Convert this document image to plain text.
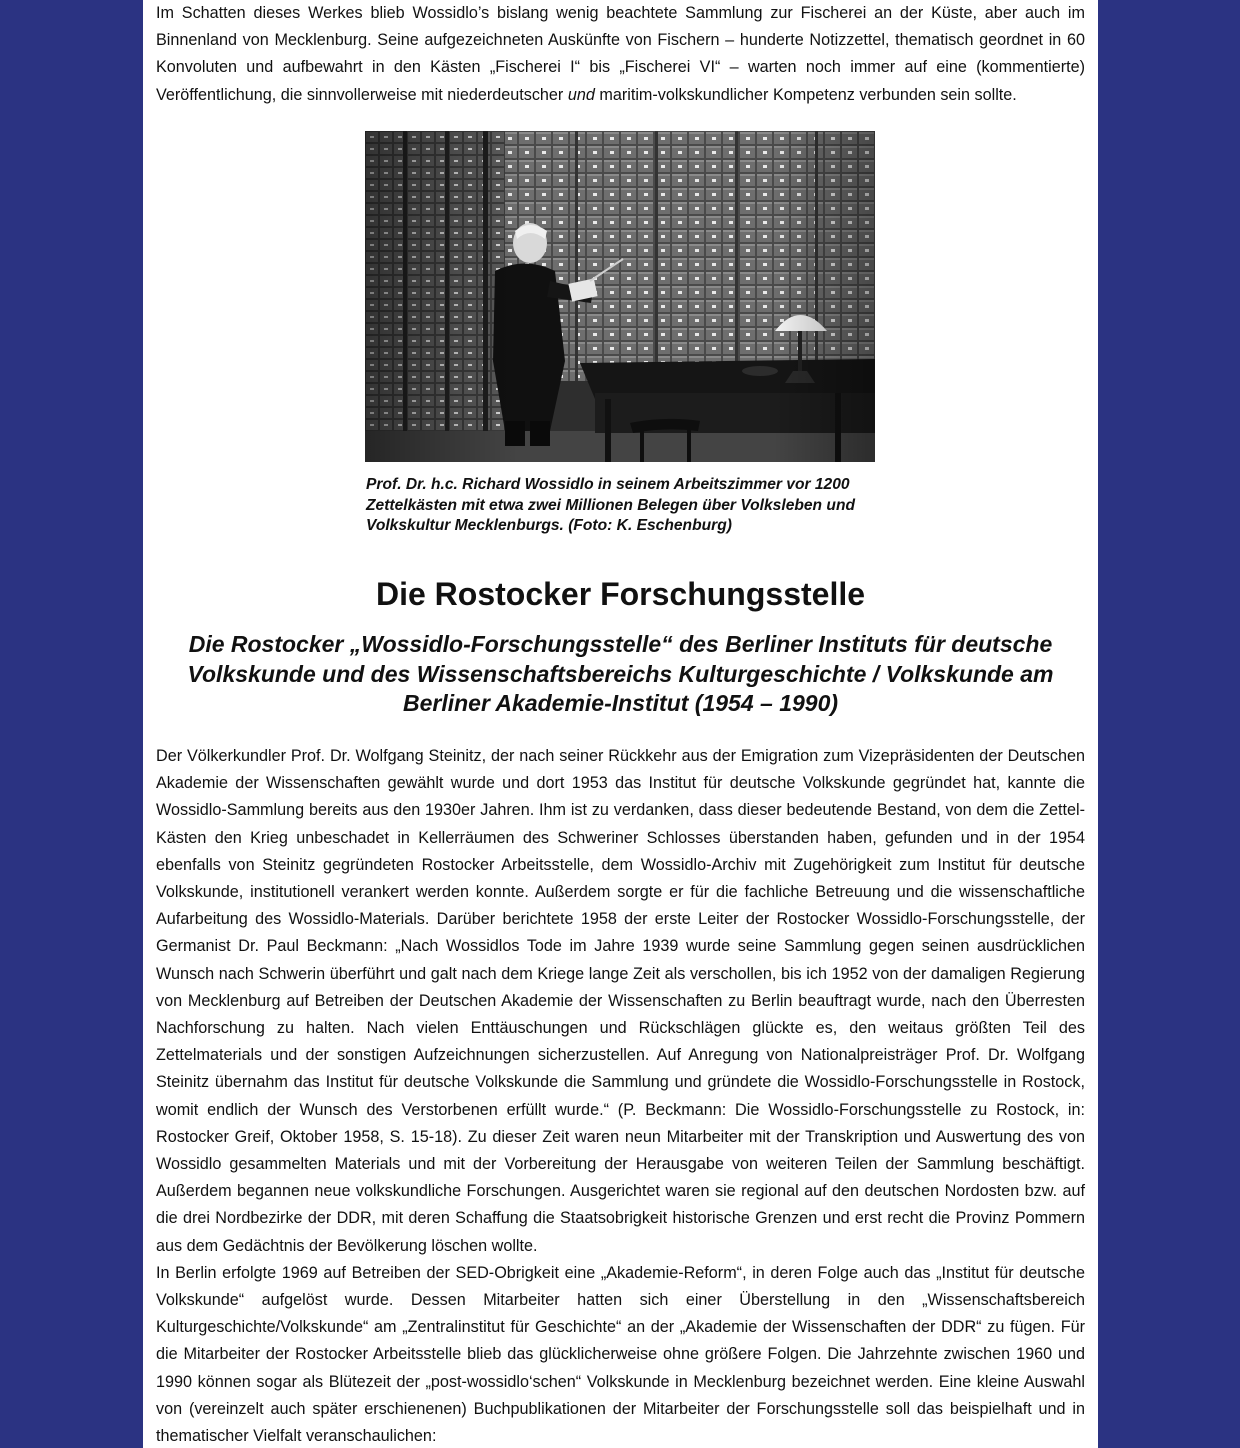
Im Schatten dieses Werkes blieb Wossidlo’s bislang wenig beachtete Sammlung zur Fischerei an der Küste, aber auch im Binnenland von Mecklenburg. Seine aufgezeichneten Auskünfte von Fischern – hunderte Notizzettel, thematisch geordnet in 60 Konvoluten und aufbewahrt in den Kästen „Fischerei I“ bis „Fischerei VI“ – warten noch immer auf eine (kommentierte) Veröffentlichung, die sinnvollerweise mit niederdeutscher und maritim-volkskundlicher Kompetenz verbunden sein sollte.

Prof. Dr. h.c. Richard Wossidlo in seinem Arbeitszimmer vor 1200 Zettelkästen mit etwa zwei Millionen Belegen über Volksleben und Volkskultur Mecklenburgs. (Foto: K. Eschenburg)

Die Rostocker Forschungsstelle
Die Rostocker „Wossidlo-Forschungsstelle“ des Berliner Instituts für deutsche Volkskunde und des Wissenschaftsbereichs Kulturgeschichte / Volkskunde am Berliner Akademie-Institut (1954 – 1990)

Der Völkerkundler Prof. Dr. Wolfgang Steinitz, der nach seiner Rückkehr aus der Emigration zum Vizepräsidenten der Deutschen Akademie der Wissenschaften gewählt wurde und dort 1953 das Institut für deutsche Volkskunde gegründet hat, kannte die Wossidlo-Sammlung bereits aus den 1930er Jahren. Ihm ist zu verdanken, dass dieser bedeutende Bestand, von dem die Zettel-Kästen den Krieg unbeschadet in Kellerräumen des Schweriner Schlosses überstanden haben, gefunden und in der 1954 ebenfalls von Steinitz gegründeten Rostocker Arbeitsstelle, dem Wossidlo-Archiv mit Zugehörigkeit zum Institut für deutsche Volkskunde, institutionell verankert werden konnte. Außerdem sorgte er für die fachliche Betreuung und die wissenschaftliche Aufarbeitung des Wossidlo-Materials. Darüber berichtete 1958 der erste Leiter der Rostocker Wossidlo-Forschungsstelle, der Germanist Dr. Paul Beckmann: „Nach Wossidlos Tode im Jahre 1939 wurde seine Sammlung gegen seinen ausdrücklichen Wunsch nach Schwerin überführt und galt nach dem Kriege lange Zeit als verschollen, bis ich 1952 von der damaligen Regierung von Mecklenburg auf Betreiben der Deutschen Akademie der Wissenschaften zu Berlin beauftragt wurde, nach den Überresten Nachforschung zu halten. Nach vielen Enttäuschungen und Rückschlägen glückte es, den weitaus größten Teil des Zettelmaterials und der sonstigen Aufzeichnungen sicherzustellen. Auf Anregung von Nationalpreisträger Prof. Dr. Wolfgang Steinitz übernahm das Institut für deutsche Volkskunde die Sammlung und gründete die Wossidlo-Forschungsstelle in Rostock, womit endlich der Wunsch des Verstorbenen erfüllt wurde.“ (P. Beckmann: Die Wossidlo-Forschungsstelle zu Rostock, in: Rostocker Greif, Oktober 1958, S. 15-18). Zu dieser Zeit waren neun Mitarbeiter mit der Transkription und Auswertung des von Wossidlo gesammelten Materials und mit der Vorbereitung der Herausgabe von weiteren Teilen der Sammlung beschäftigt. Außerdem begannen neue volkskundliche Forschungen. Ausgerichtet waren sie regional auf den deutschen Nordosten bzw. auf die drei Nordbezirke der DDR, mit deren Schaffung die Staatsobrigkeit historische Grenzen und erst recht die Provinz Pommern aus dem Gedächtnis der Bevölkerung löschen wollte.

In Berlin erfolgte 1969 auf Betreiben der SED-Obrigkeit eine „Akademie-Reform“, in deren Folge auch das „Institut für deutsche Volkskunde“ aufgelöst wurde. Dessen Mitarbeiter hatten sich einer Überstellung in den „Wissenschaftsbereich Kulturgeschichte/Volkskunde“ am „Zentralinstitut für Geschichte“ an der „Akademie der Wissenschaften der DDR“ zu fügen. Für die Mitarbeiter der Rostocker Arbeitsstelle blieb das glücklicherweise ohne größere Folgen. Die Jahrzehnte zwischen 1960 und 1990 können sogar als Blütezeit der „post-wossidlo‘schen“ Volkskunde in Mecklenburg bezeichnet werden. Eine kleine Auswahl von (vereinzelt auch später erschienenen) Buchpublikationen der Mitarbeiter der Forschungsstelle soll das beispielhaft und in thematischer Vielfalt veranschaulichen:
